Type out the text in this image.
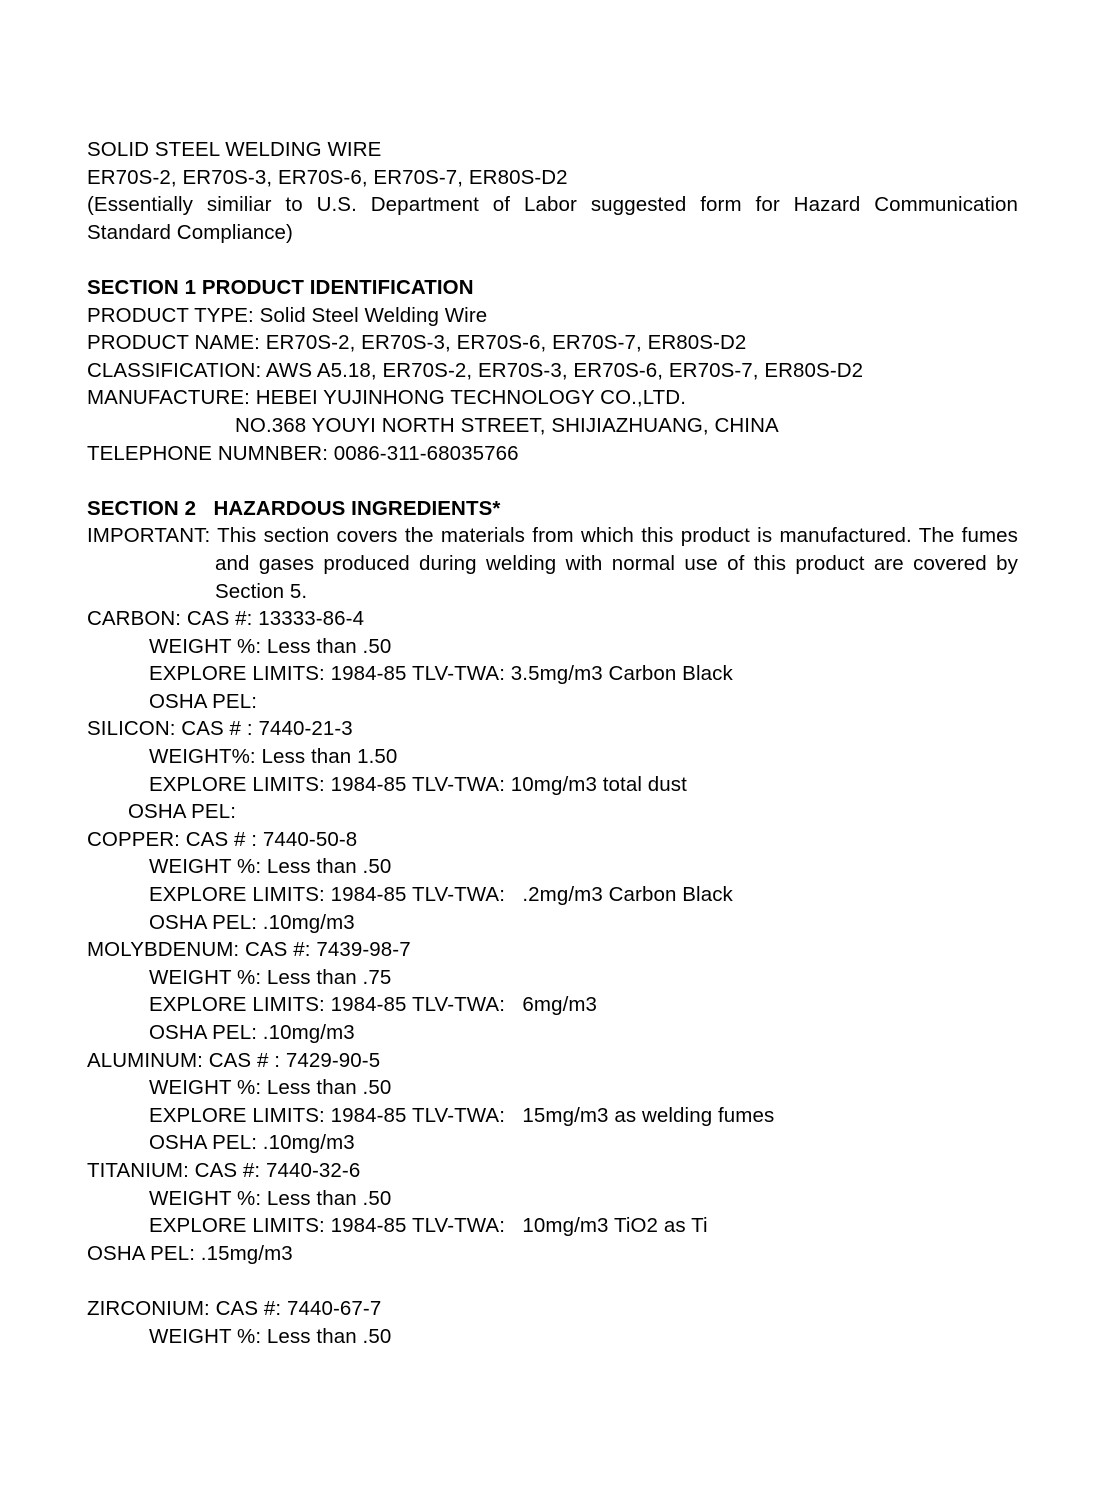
SOLID STEEL WELDING WIRE
ER70S-2, ER70S-3, ER70S-6, ER70S-7, ER80S-D2
(Essentially similiar to U.S. Department of Labor suggested form for Hazard Communication Standard Compliance)
SECTION 1 PRODUCT IDENTIFICATION
PRODUCT TYPE: Solid Steel Welding Wire
PRODUCT NAME: ER70S-2, ER70S-3, ER70S-6, ER70S-7, ER80S-D2
CLASSIFICATION: AWS A5.18, ER70S-2, ER70S-3, ER70S-6, ER70S-7, ER80S-D2
MANUFACTURE: HEBEI YUJINHONG TECHNOLOGY CO.,LTD.
NO.368 YOUYI NORTH STREET, SHIJIAZHUANG, CHINA
TELEPHONE NUMNBER: 0086-311-68035766
SECTION 2   HAZARDOUS INGREDIENTS*
IMPORTANT: This section covers the materials from which this product is manufactured. The fumes and gases produced during welding with normal use of this product are covered by Section 5.
CARBON: CAS #: 13333-86-4
WEIGHT %: Less than .50
EXPLORE LIMITS: 1984-85 TLV-TWA: 3.5mg/m3 Carbon Black
OSHA PEL:
SILICON: CAS # : 7440-21-3
WEIGHT%: Less than 1.50
EXPLORE LIMITS: 1984-85 TLV-TWA: 10mg/m3 total dust
OSHA PEL:
COPPER: CAS # : 7440-50-8
WEIGHT %: Less than .50
EXPLORE LIMITS: 1984-85 TLV-TWA:   .2mg/m3 Carbon Black
OSHA PEL: .10mg/m3
MOLYBDENUM: CAS #: 7439-98-7
WEIGHT %: Less than .75
EXPLORE LIMITS: 1984-85 TLV-TWA:   6mg/m3
OSHA PEL: .10mg/m3
ALUMINUM: CAS # : 7429-90-5
WEIGHT %: Less than .50
EXPLORE LIMITS: 1984-85 TLV-TWA:   15mg/m3 as welding fumes
OSHA PEL: .10mg/m3
TITANIUM: CAS #: 7440-32-6
WEIGHT %: Less than .50
EXPLORE LIMITS: 1984-85 TLV-TWA:   10mg/m3 TiO2 as Ti
OSHA PEL: .15mg/m3
ZIRCONIUM: CAS #: 7440-67-7
WEIGHT %: Less than .50
